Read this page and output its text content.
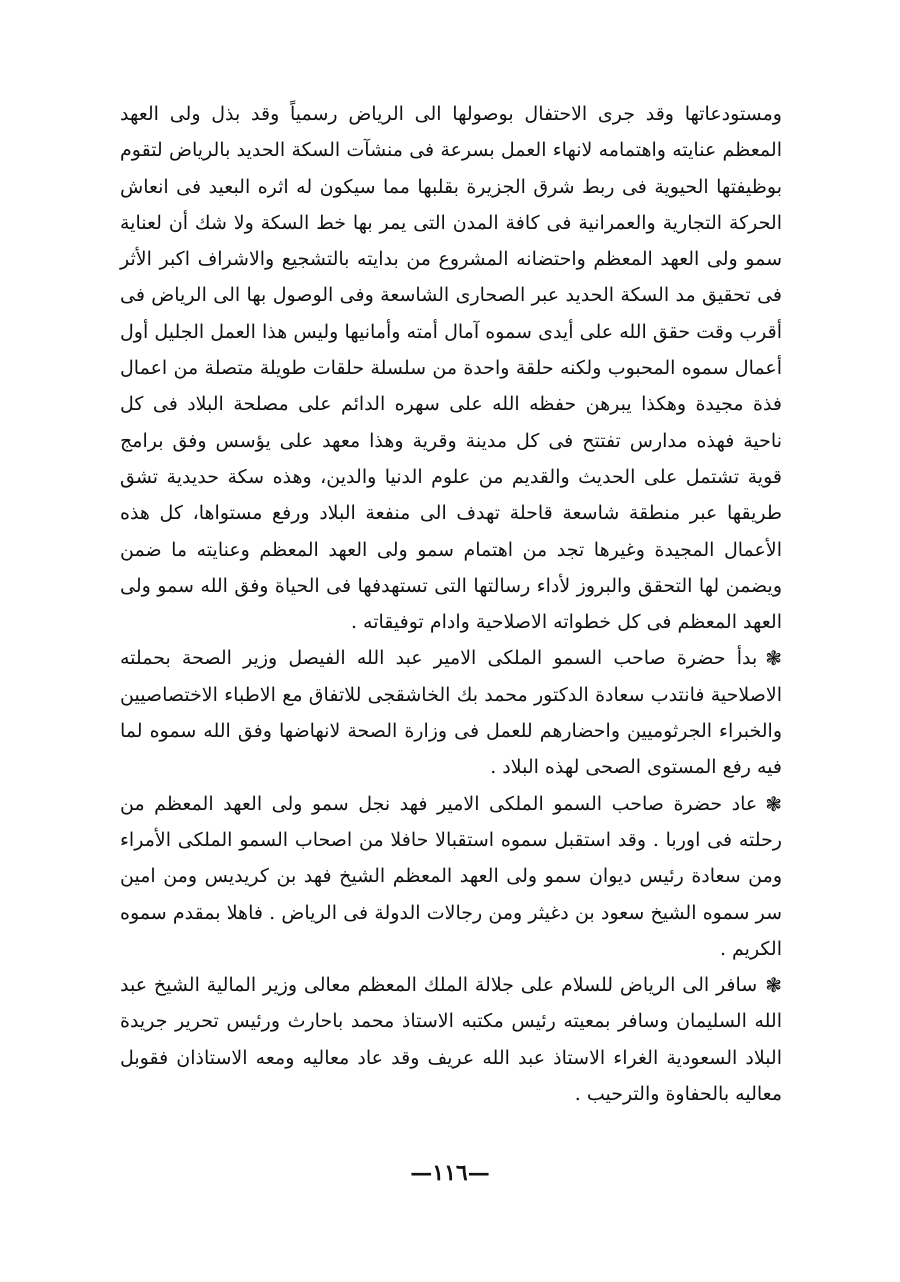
ومستودعاتها وقد جرى الاحتفال بوصولها الى الرياض رسمياً وقد بذل ولى العهد المعظم عنايته واهتمامه لانهاء العمل بسرعة فى منشآت السكة الحديد بالرياض لتقوم بوظيفتها الحيوية فى ربط شرق الجزيرة بقلبها مما سيكون له اثره البعيد فى انعاش الحركة التجارية والعمرانية فى كافة المدن التى يمر بها خط السكة ولا شك أن لعناية سمو ولى العهد المعظم واحتضانه المشروع من بدايته بالتشجيع والاشراف اكبر الأثر فى تحقيق مد السكة الحديد عبر الصحارى الشاسعة وفى الوصول بها الى الرياض فى أقرب وقت حقق الله على أيدى سموه آمال أمته وأمانيها وليس هذا العمل الجليل أول أعمال سموه المحبوب ولكنه حلقة واحدة من سلسلة حلقات طويلة متصلة من اعمال فذة مجيدة وهكذا يبرهن حفظه الله على سهره الدائم على مصلحة البلاد فى كل ناحية فهذه مدارس تفتتح فى كل مدينة وقرية وهذا معهد على يؤسس وفق برامج قوية تشتمل على الحديث والقديم من علوم الدنيا والدين، وهذه سكة حديدية تشق طريقها عبر منطقة شاسعة قاحلة تهدف الى منفعة البلاد ورفع مستواها، كل هذه الأعمال المجيدة وغيرها تجد من اهتمام سمو ولى العهد المعظم وعنايته ما ضمن ويضمن لها التحقق والبروز لأداء رسالتها التى تستهدفها فى الحياة وفق الله سمو ولى العهد المعظم فى كل خطواته الاصلاحية وادام توفيقاته .

❃بدأ حضرة صاحب السمو الملكى الامير عبد الله الفيصل وزير الصحة بحملته الاصلاحية فانتدب سعادة الدكتور محمد بك الخاشقجى للاتفاق مع الاطباء الاختصاصيين والخبراء الجرثوميين واحضارهم للعمل فى وزارة الصحة لانهاضها وفق الله سموه لما فيه رفع المستوى الصحى لهذه البلاد .

❃عاد حضرة صاحب السمو الملكى الامير فهد نجل سمو ولى العهد المعظم من رحلته فى اوربا . وقد استقبل سموه استقبالا حافلا من اصحاب السمو الملكى الأمراء ومن سعادة رئيس ديوان سمو ولى العهد المعظم الشيخ فهد بن كريديس ومن امين سر سموه الشيخ سعود بن دغيثر ومن رجالات الدولة فى الرياض . فاهلا بمقدم سموه الكريم .

❃سافر الى الرياض للسلام على جلالة الملك المعظم معالى وزير المالية الشيخ عبد الله السليمان وسافر بمعيته رئيس مكتبه الاستاذ محمد باحارث ورئيس تحرير جريدة البلاد السعودية الغراء الاستاذ عبد الله عريف وقد عاد معاليه ومعه الاستاذان فقوبل معاليه بالحفاوة والترحيب .

—١١٦—
